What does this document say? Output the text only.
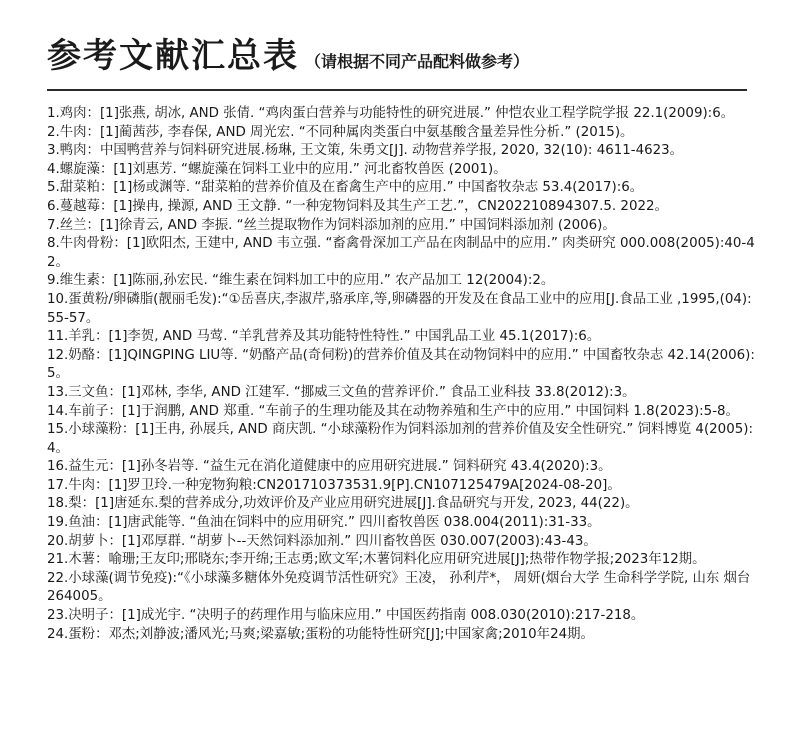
参考文献汇总表 （请根据不同产品配料做参考）

1.鸡肉：[1]张燕, 胡冰, AND 张倩. “鸡肉蛋白营养与功能特性的研究进展.” 仲恺农业工程学院学报 22.1(2009):6。

2.牛肉：[1]蔺茜莎, 李春保, AND 周光宏. “不同种属肉类蛋白中氨基酸含量差异性分析.” (2015)。

3.鸭肉：中国鸭营养与饲料研究进展.杨琳, 王文策, 朱勇文[J]. 动物营养学报, 2020, 32(10): 4611-4623。

4.螺旋藻：[1]刘惠芳. “螺旋藻在饲料工业中的应用.” 河北畜牧兽医 (2001)。

5.甜菜粕：[1]杨或渊等. “甜菜粕的营养价值及在畜禽生产中的应用.” 中国畜牧杂志 53.4(2017):6。

6.蔓越莓：[1]操冉, 操源, AND 王文静. “一种宠物饲料及其生产工艺.”，CN202210894307.5. 2022。

7.丝兰：[1]徐青云, AND 李振. “丝兰提取物作为饲料添加剂的应用.” 中国饲料添加剂 (2006)。

8.牛肉骨粉：[1]欧阳杰, 王建中, AND 韦立强. “畜禽骨深加工产品在肉制品中的应用.” 肉类研究 000.008(2005):40-42。

9.维生素：[1]陈丽,孙宏民. “维生素在饲料加工中的应用.” 农产品加工 12(2004):2。

10.蛋黄粉/卵磷脂(靓丽毛发):“①岳喜庆,李淑芹,骆承庠,等,卵磷器的开发及在食品工业中的应用[J.食品工业 ,1995,(04):55-57。

11.羊乳：[1]李贺, AND 马莺. “羊乳营养及其功能特性特性.” 中国乳品工业 45.1(2017):6。

12.奶酪：[1]QINGPING LIU等. “奶酪产品(奇伺粉)的营养价值及其在动物饲料中的应用.” 中国畜牧杂志 42.14(2006):5。

13.三文鱼：[1]邓林, 李华, AND 江建军. “挪威三文鱼的营养评价.” 食品工业科技 33.8(2012):3。

14.车前子：[1]于润鹏, AND 郑重. “车前子的生理功能及其在动物养殖和生产中的应用.” 中国饲料 1.8(2023):5-8。

15.小球藻粉：[1]王冉, 孙展兵, AND 商庆凯. “小球藻粉作为饲料添加剂的营养价值及安全性研究.” 饲料博览 4(2005):4。

16.益生元：[1]孙冬岩等. “益生元在消化道健康中的应用研究进展.” 饲料研究 43.4(2020):3。

17.牛肉：[1]罗卫玲.一种宠物狗粮:CN201710373531.9[P].CN107125479A[2024-08-20]。

18.梨：[1]唐延东.梨的营养成分,功效评价及产业应用研究进展[J].食品研究与开发, 2023, 44(22)。

19.鱼油：[1]唐武能等. “鱼油在饲料中的应用研究.” 四川畜牧兽医 038.004(2011):31-33。

20.胡萝卜：[1]邓厚群. “胡萝卜--天然饲料添加剂.” 四川畜牧兽医 030.007(2003):43-43。

21.木薯：喻珊;王友印;邢晓东;李开绵;王志勇;欧文军;木薯饲料化应用研究进展[J];热带作物学报;2023年12期。

22.小球藻(调节免疫):“《小球藻多糖体外免疫调节活性研究》王凌， 孙利芹*， 周妍(烟台大学 生命科学学院, 山东 烟台 264005。

23.决明子：[1]成光宇. “决明子的药理作用与临床应用.” 中国医药指南 008.030(2010):217-218。

24.蛋粉：邓杰;刘静波;潘风光;马爽;梁嘉敏;蛋粉的功能特性研究[J];中国家禽;2010年24期。
